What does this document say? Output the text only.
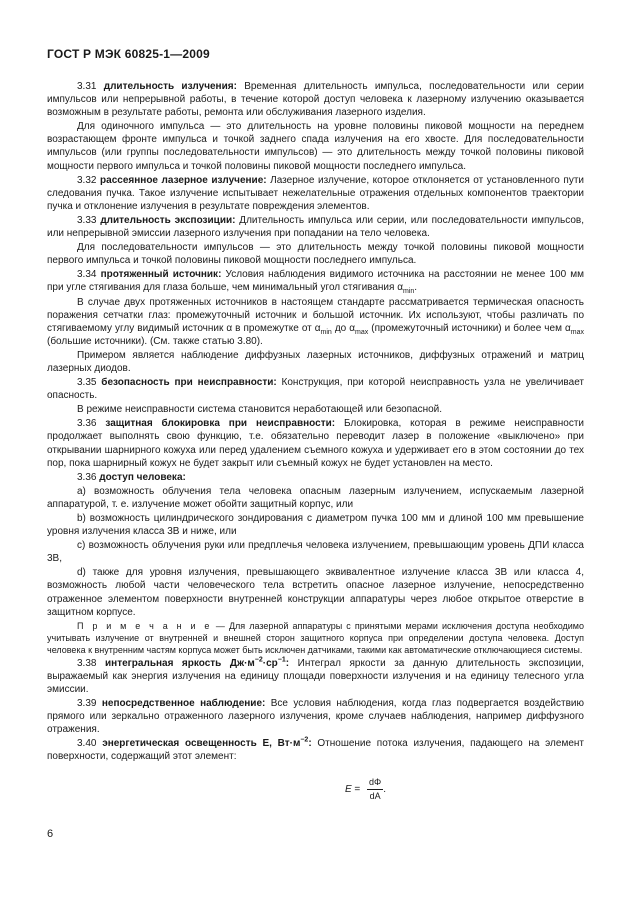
ГОСТ Р МЭК 60825-1—2009

3.31 длительность излучения: Временная длительность импульса, последовательности или серии импульсов или непрерывной работы, в течение которой доступ человека к лазерному излучению оказывается возможным в результате работы, ремонта или обслуживания лазерного изделия.

Для одиночного импульса — это длительность на уровне половины пиковой мощности на переднем возрастающем фронте импульса и точкой заднего спада излучения на его хвосте. Для последовательности импульсов (или группы последовательности импульсов) — это длительность между точкой половины пиковой мощности первого импульса и точкой половины пиковой мощности последнего импульса.

3.32 рассеянное лазерное излучение: Лазерное излучение, которое отклоняется от установленного пути следования пучка. Такое излучение испытывает нежелательные отражения отдельных компонентов траектории пучка и отклонение излучения в результате повреждения элементов.

3.33 длительность экспозиции: Длительность импульса или серии, или последовательности импульсов, или непрерывной эмиссии лазерного излучения при попадании на тело человека.

Для последовательности импульсов — это длительность между точкой половины пиковой мощности первого импульса и точкой половины пиковой мощности последнего импульса.

3.34 протяженный источник: Условия наблюдения видимого источника на расстоянии не менее 100 мм при угле стягивания для глаза больше, чем минимальный угол стягивания $\alpha_{min}$.

В случае двух протяженных источников в настоящем стандарте рассматривается термическая опасность поражения сетчатки глаз: промежуточный источник и большой источник. Их используют, чтобы различать по стягиваемому углу видимый источник α в промежутке от $\alpha_{min}$ до $\alpha_{max}$ (промежуточный источники) и более чем $\alpha_{max}$ (большие источники). (См. также статью 3.80).

Примером является наблюдение диффузных лазерных источников, диффузных отражений и матриц лазерных диодов.

3.35 безопасность при неисправности: Конструкция, при которой неисправность узла не увеличивает опасность.

В режиме неисправности система становится неработающей или безопасной.

3.36 защитная блокировка при неисправности: Блокировка, которая в режиме неисправности продолжает выполнять свою функцию, т.е. обязательно переводит лазер в положение «выключено» при открывании шарнирного кожуха или перед удалением съемного кожуха и удерживает его в этом состоянии до тех пор, пока шарнирный кожух не будет закрыт или съемный кожух не будет установлен на место.

3.36 доступ человека:

a) возможность облучения тела человека опасным лазерным излучением, испускаемым лазерной аппаратурой, т. е. излучение может обойти защитный корпус, или

b) возможность цилиндрического зондирования с диаметром пучка 100 мм и длиной 100 мм превышение уровня излучения класса 3В и ниже, или

c) возможность облучения руки или предплечья человека излучением, превышающим уровень ДПИ класса 3В,

d) также для уровня излучения, превышающего эквивалентное излучение класса 3В или класса 4, возможность любой части человеческого тела встретить опасное лазерное излучение, непосредственно отраженное элементом поверхности внутренней конструкции аппаратуры через любое открытое отверстие в защитном корпусе.

П р и м е ч а н и е — Для лазерной аппаратуры с принятыми мерами исключения доступа необходимо учитывать излучение от внутренней и внешней сторон защитного корпуса при определении доступа человека. Доступ человека к внутренним частям корпуса может быть исключен датчиками, такими как автоматические отключающиеся системы.

3.38 интегральная яркость $Дж\cdot м^{-2}\cdot ср^{-1}$: Интеграл яркости за данную длительность экспозиции, выражаемый как энергия излучения на единицу площади поверхности излучения и на единицу телесного угла эмиссии.

3.39 непосредственное наблюдение: Все условия наблюдения, когда глаз подвергается воздействию прямого или зеркально отраженного лазерного излучения, кроме случаев наблюдения, например диффузного отражения.

3.40 энергетическая освещенность E, $Вт\cdot м^{-2}$: Отношение потока излучения, падающего на элемент поверхности, содержащий этот элемент:

$E = \frac{d\Phi}{dA}$ .
6
